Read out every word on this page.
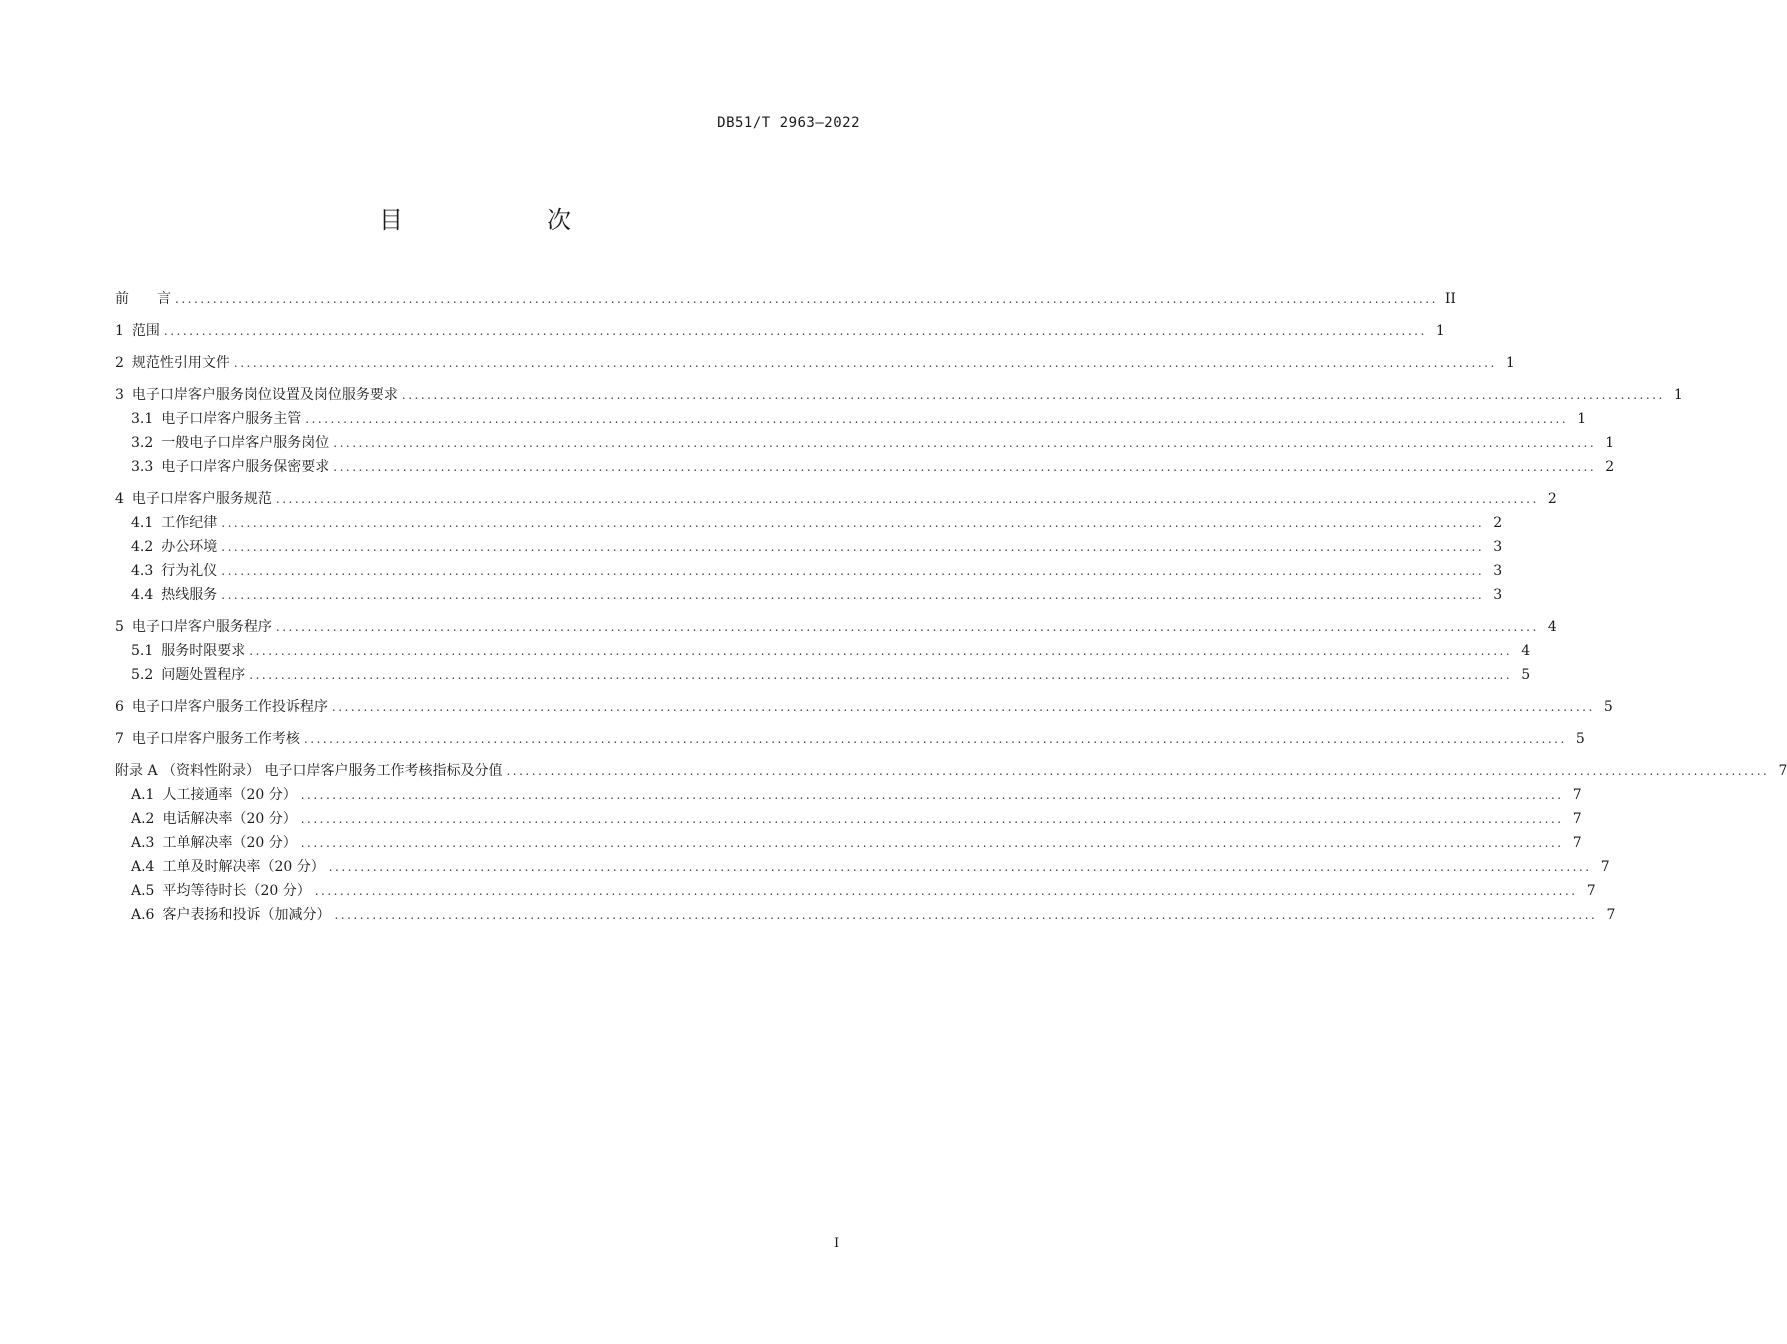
DB51/T 2963—2022
目　次
前　　言 ........................................................................................................................................................................................................ II
1 范围 ........................................................................................................................................................................................................ 1
2 规范性引用文件 ........................................................................................................................................................................................................ 1
3 电子口岸客户服务岗位设置及岗位服务要求 ........................................................................................................................................................................................................ 1
3.1 电子口岸客户服务主管 ........................................................................................................................................................................................................ 1
3.2 一般电子口岸客户服务岗位 ........................................................................................................................................................................................................ 1
3.3 电子口岸客户服务保密要求 ........................................................................................................................................................................................................ 2
4 电子口岸客户服务规范 ........................................................................................................................................................................................................ 2
4.1 工作纪律 ........................................................................................................................................................................................................ 2
4.2 办公环境 ........................................................................................................................................................................................................ 3
4.3 行为礼仪 ........................................................................................................................................................................................................ 3
4.4 热线服务 ........................................................................................................................................................................................................ 3
5 电子口岸客户服务程序 ........................................................................................................................................................................................................ 4
5.1 服务时限要求 ........................................................................................................................................................................................................ 4
5.2 问题处置程序 ........................................................................................................................................................................................................ 5
6 电子口岸客户服务工作投诉程序 ........................................................................................................................................................................................................ 5
7 电子口岸客户服务工作考核 ........................................................................................................................................................................................................ 5
附录 A （资料性附录） 电子口岸客户服务工作考核指标及分值 ........................................................................................................................................................................................................ 7
A.1 人工接通率（20 分） ........................................................................................................................................................................................................ 7
A.2 电话解决率（20 分） ........................................................................................................................................................................................................ 7
A.3 工单解决率（20 分） ........................................................................................................................................................................................................ 7
A.4 工单及时解决率（20 分） ........................................................................................................................................................................................................ 7
A.5 平均等待时长（20 分） ........................................................................................................................................................................................................ 7
A.6 客户表扬和投诉（加减分） ........................................................................................................................................................................................................ 7
I
